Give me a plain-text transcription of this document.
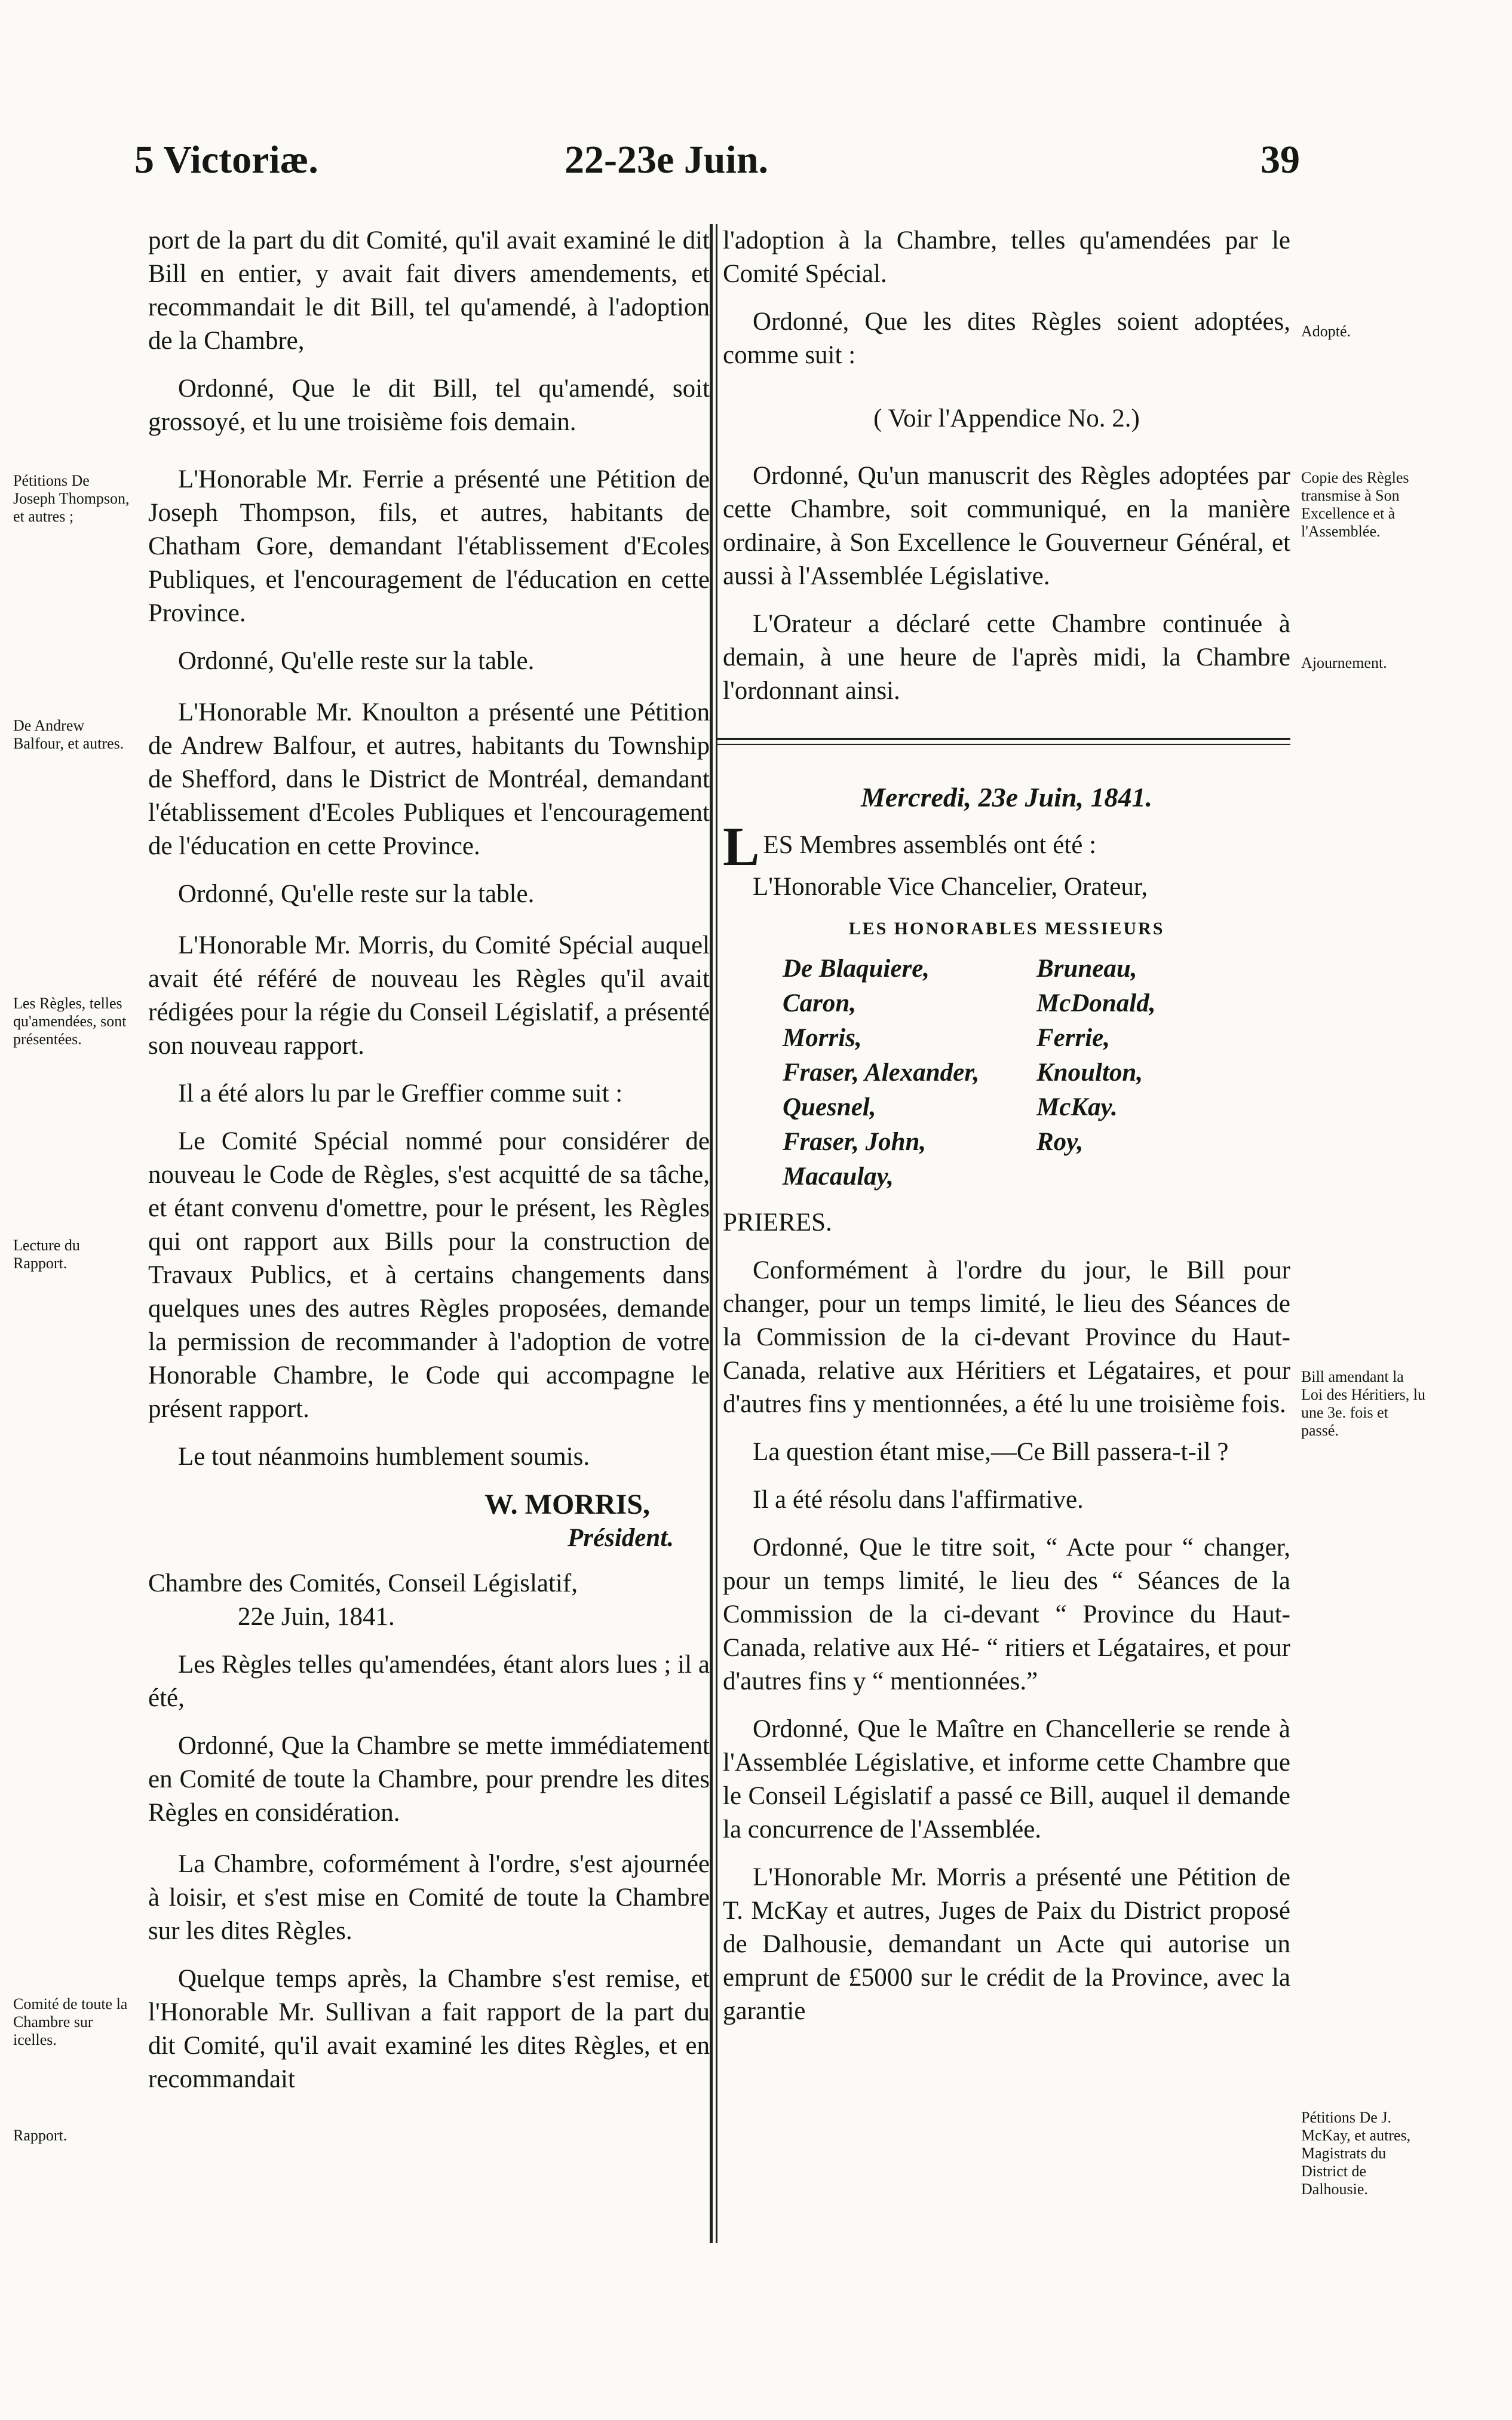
5 Victoriæ.	22-23e Juin.	39

port de la part du dit Comité, qu'il avait examiné le dit Bill en entier, y avait fait divers amendements, et recommandait le dit Bill, tel qu'amendé, à l'adoption de la Chambre,

Ordonné, Que le dit Bill, tel qu'amendé, soit grossoyé, et lu une troisième fois demain.

L'Honorable Mr. Ferrie a présenté une Pétition de Joseph Thompson, fils, et autres, habitants de Chatham Gore, demandant l'établissement d'Ecoles Publiques, et l'encouragement de l'éducation en cette Province.

Ordonné, Qu'elle reste sur la table.

L'Honorable Mr. Knoulton a présenté une Pétition de Andrew Balfour, et autres, habitants du Township de Shefford, dans le District de Montréal, demandant l'établissement d'Ecoles Publiques et l'encouragement de l'éducation en cette Province.

Ordonné, Qu'elle reste sur la table.

L'Honorable Mr. Morris, du Comité Spécial auquel avait été référé de nouveau les Règles qu'il avait rédigées pour la régie du Conseil Législatif, a présenté son nouveau rapport.

Il a été alors lu par le Greffier comme suit :

Le Comité Spécial nommé pour considérer de nouveau le Code de Règles, s'est acquitté de sa tâche, et étant convenu d'omettre, pour le présent, les Règles qui ont rapport aux Bills pour la construction de Travaux Publics, et à certains changements dans quelques unes des autres Règles proposées, demande la permission de recommander à l'adoption de votre Honorable Chambre, le Code qui accompagne le présent rapport.

Le tout néanmoins humblement soumis.

W. MORRIS,

Président.

Chambre des Comités, Conseil Législatif,

22e Juin, 1841.

Les Règles telles qu'amendées, étant alors lues ; il a été,

Ordonné, Que la Chambre se mette immédiatement en Comité de toute la Chambre, pour prendre les dites Règles en considération.

La Chambre, coformément à l'ordre, s'est ajournée à loisir, et s'est mise en Comité de toute la Chambre sur les dites Règles.

Quelque temps après, la Chambre s'est remise, et l'Honorable Mr. Sullivan a fait rapport de la part du dit Comité, qu'il avait examiné les dites Règles, et en recommandait

l'adoption à la Chambre, telles qu'amendées par le Comité Spécial.

Ordonné, Que les dites Règles soient adoptées, comme suit :

( Voir l'Appendice No. 2.)

Ordonné, Qu'un manuscrit des Règles adoptées par cette Chambre, soit communiqué, en la manière ordinaire, à Son Excellence le Gouverneur Général, et aussi à l'Assemblée Législative.

L'Orateur a déclaré cette Chambre continuée à demain, à une heure de l'après midi, la Chambre l'ordonnant ainsi.

Mercredi, 23e Juin, 1841.

LES Membres assemblés ont été :

L'Honorable Vice Chancelier, Orateur,

LES HONORABLES MESSIEURS
De Blaquiere,	Bruneau,
Caron,	McDonald,
Morris,	Ferrie,
Fraser, Alexander,	Knoulton,
Quesnel,	McKay.
Fraser, John,	Roy,
Macaulay,

PRIERES.

Conformément à l'ordre du jour, le Bill pour changer, pour un temps limité, le lieu des Séances de la Commission de la ci-devant Province du Haut-Canada, relative aux Héritiers et Légataires, et pour d'autres fins y mentionnées, a été lu une troisième fois.

La question étant mise,—Ce Bill passera-t-il ?

Il a été résolu dans l'affirmative.

Ordonné, Que le titre soit, “ Acte pour “ changer, pour un temps limité, le lieu des “ Séances de la Commission de la ci-devant “ Province du Haut-Canada, relative aux Hé- “ ritiers et Légataires, et pour d'autres fins y “ mentionnées.”

Ordonné, Que le Maître en Chancellerie se rende à l'Assemblée Législative, et informe cette Chambre que le Conseil Législatif a passé ce Bill, auquel il demande la concurrence de l'Assemblée.

L'Honorable Mr. Morris a présenté une Pétition de T. McKay et autres, Juges de Paix du District proposé de Dalhousie, demandant un Acte qui autorise un emprunt de £5000 sur le crédit de la Province, avec la garantie

Pétitions De Joseph Thompson, et autres ;
De Andrew Balfour, et autres.
Les Règles, telles qu'amendées, sont présentées.
Lecture du Rapport.
Comité de toute la Chambre sur icelles.
Rapport.
Adopté.
Copie des Règles transmise à Son Excellence et à l'Assemblée.
Ajournement.
Bill amendant la Loi des Héritiers, lu une 3e. fois et passé.
Pétitions De J. McKay, et autres, Magistrats du District de Dalhousie.
